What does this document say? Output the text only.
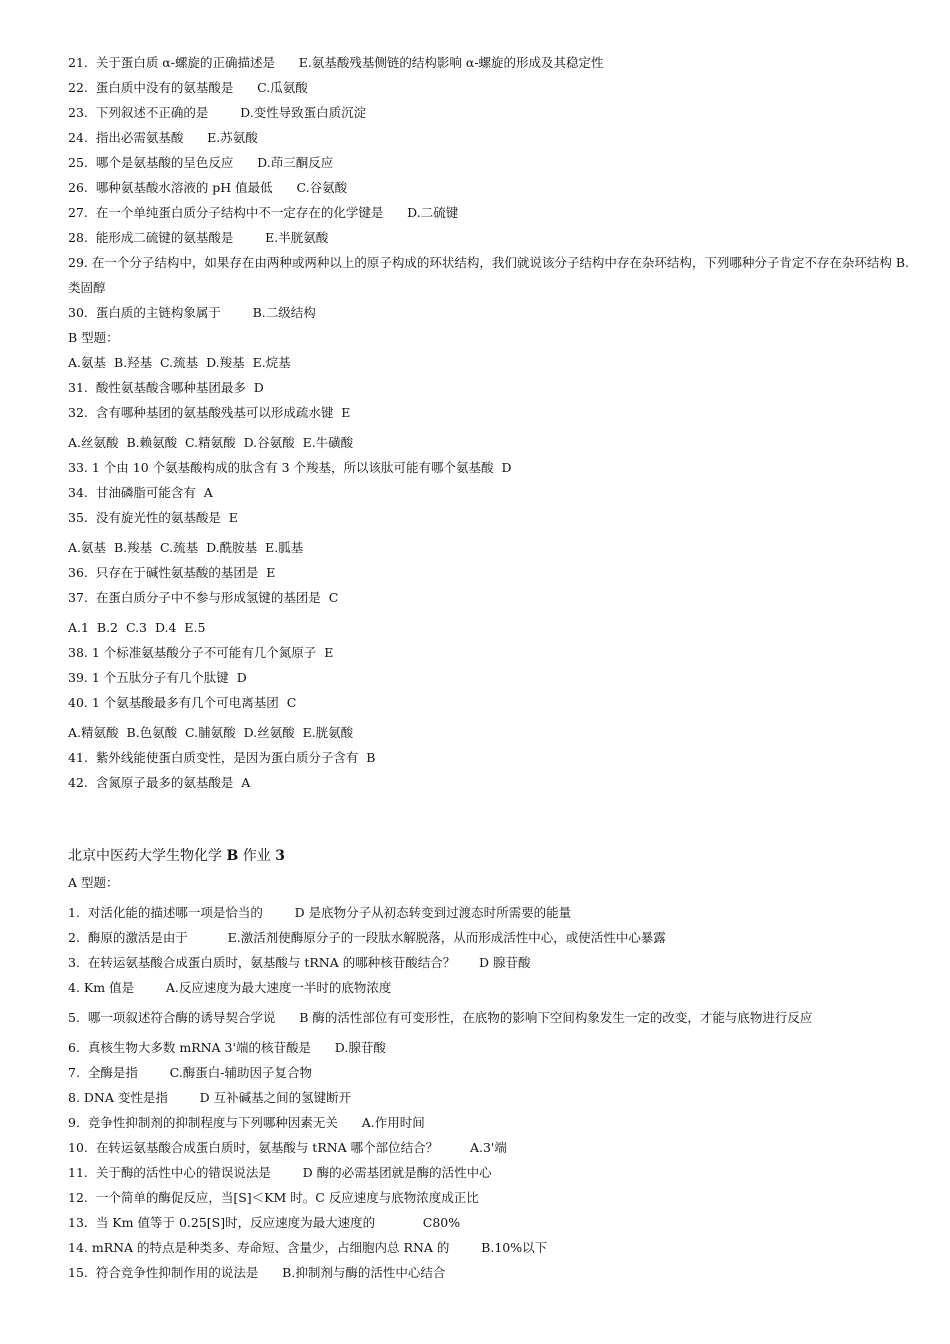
21.  关于蛋白质 α-螺旋的正确描述是      E.氨基酸残基侧链的结构影响 α-螺旋的形成及其稳定性
22.  蛋白质中没有的氨基酸是      C.瓜氨酸
23.  下列叙述不正确的是        D.变性导致蛋白质沉淀
24.  指出必需氨基酸      E.苏氨酸
25.  哪个是氨基酸的呈色反应      D.茚三酮反应
26.  哪种氨基酸水溶液的 pH 值最低      C.谷氨酸
27.  在一个单纯蛋白质分子结构中不一定存在的化学键是      D.二硫键
28.  能形成二硫键的氨基酸是        E.半胱氨酸
29. 在一个分子结构中，如果存在由两种或两种以上的原子构成的环状结构，我们就说该分子结构中存在杂环结构，下列哪种分子肯定不存在杂环结构 B.类固醇
30.  蛋白质的主链构象属于        B.二级结构
B 型题：
A.氨基  B.羟基  C.巯基  D.羧基  E.烷基
31.  酸性氨基酸含哪种基团最多  D
32.  含有哪种基团的氨基酸残基可以形成疏水键  E
A.丝氨酸  B.赖氨酸  C.精氨酸  D.谷氨酸  E.牛磺酸
33. 1 个由 10 个氨基酸构成的肽含有 3 个羧基，所以该肽可能有哪个氨基酸  D
34.  甘油磷脂可能含有  A
35.  没有旋光性的氨基酸是  E
A.氨基  B.羧基  C.巯基  D.酰胺基  E.胍基
36.  只存在于碱性氨基酸的基团是  E
37.  在蛋白质分子中不参与形成氢键的基团是  C
A.1  B.2  C.3  D.4  E.5
38. 1 个标准氨基酸分子不可能有几个氮原子  E
39. 1 个五肽分子有几个肽键  D
40. 1 个氨基酸最多有几个可电离基团  C
A.精氨酸  B.色氨酸  C.脯氨酸  D.丝氨酸  E.胱氨酸
41.  紫外线能使蛋白质变性，是因为蛋白质分子含有  B
42.  含氮原子最多的氨基酸是  A
北京中医药大学生物化学 B 作业 3
A 型题：
1.  对活化能的描述哪一项是恰当的        D 是底物分子从初态转变到过渡态时所需要的能量
2.  酶原的激活是由于          E.激活剂使酶原分子的一段肽水解脱落，从而形成活性中心，或使活性中心暴露
3.  在转运氨基酸合成蛋白质时，氨基酸与 tRNA 的哪种核苷酸结合？      D 腺苷酸
4. Km 值是        A.反应速度为最大速度一半时的底物浓度
5.  哪一项叙述符合酶的诱导契合学说      B 酶的活性部位有可变形性，在底物的影响下空间构象发生一定的改变，才能与底物进行反应
6.  真核生物大多数 mRNA 3'端的核苷酸是      D.腺苷酸
7.  全酶是指        C.酶蛋白-辅助因子复合物
8. DNA 变性是指        D 互补碱基之间的氢键断开
9.  竞争性抑制剂的抑制程度与下列哪种因素无关      A.作用时间
10.  在转运氨基酸合成蛋白质时，氨基酸与 tRNA 哪个部位结合？        A.3'端
11.  关于酶的活性中心的错误说法是        D 酶的必需基团就是酶的活性中心
12.  一个简单的酶促反应，当[S]＜KM 时。C 反应速度与底物浓度成正比
13.  当 Km 值等于 0.25[S]时，反应速度为最大速度的            C80%
14. mRNA 的特点是种类多、寿命短、含量少，占细胞内总 RNA 的        B.10%以下
15.  符合竞争性抑制作用的说法是      B.抑制剂与酶的活性中心结合
